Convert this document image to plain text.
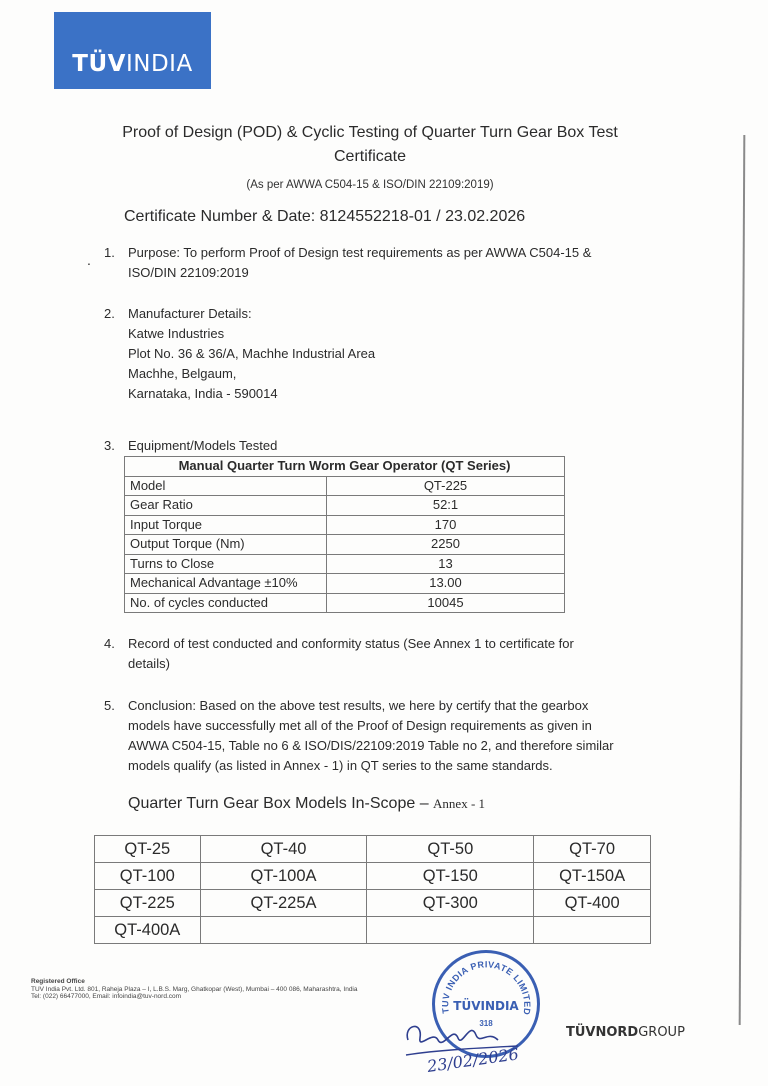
TÜV INDIA
Proof of Design (POD) & Cyclic Testing of Quarter Turn Gear Box Test
Certificate
(As per AWWA C504-15 & ISO/DIN 22109:2019)
Certificate Number & Date: 8124552218-01 / 23.02.2026
. 1.	Purpose: To perform Proof of Design test requirements as per AWWA C504-15 &
ISO/DIN 22109:2019
2.	Manufacturer Details:
Katwe Industries
Plot No. 36 & 36/A, Machhe Industrial Area
Machhe, Belgaum,
Karnataka, India - 590014
3.	Equipment/Models Tested
Manual Quarter Turn Worm Gear Operator (QT Series)	
Model	QT-225
Gear Ratio	52:1
Input Torque	170
Output Torque (Nm)	2250
Turns to Close	13
Mechanical Advantage ±10%	13.00
No. of cycles conducted	10045
4.	Record of test conducted and conformity status (See Annex 1 to certificate for
details)
5.	Conclusion: Based on the above test results, we here by certify that the gearbox
models have successfully met all of the Proof of Design requirements as given in
AWWA C504-15, Table no 6 & ISO/DIS/22109:2019 Table no 2, and therefore similar
models qualify (as listed in Annex - 1) in QT series to the same standards.
Quarter Turn Gear Box Models In-Scope – Annex - 1
QT-25	QT-40	QT-50	QT-70
QT-100	QT-100A	QT-150	QT-150A
QT-225	QT-225A	QT-300	QT-400
QT-400A			
Registered Office
TUV India Pvt. Ltd. 801, Raheja Plaza – I, L.B.S. Marg, Ghatkopar (West), Mumbai – 400 086, Maharashtra, India
Tel: (022) 66477000, Email: infoindia@tuv-nord.com
TUV INDIA PRIVATE LIMITED
TÜVINDIA
318
23/02/2026
TÜVNORDGROUP
